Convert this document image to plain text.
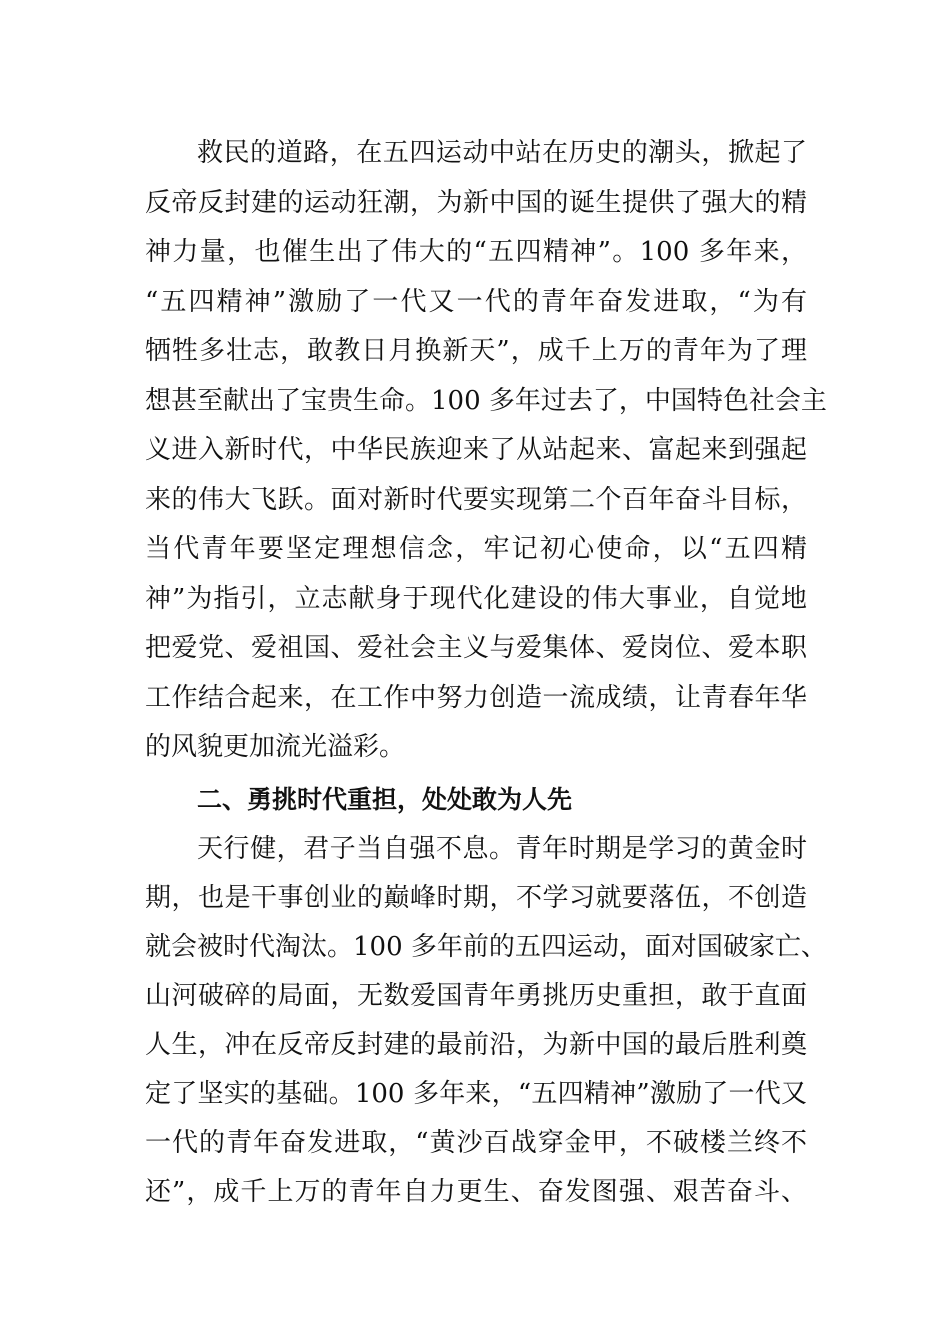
救民的道路，在五四运动中站在历史的潮头，掀起了
反帝反封建的运动狂潮，为新中国的诞生提供了强大的精
神力量，也催生出了伟大的“五四精神”。100 多年来，
“五四精神”激励了一代又一代的青年奋发进取，“为有
牺牲多壮志，敢教日月换新天”，成千上万的青年为了理
想甚至献出了宝贵生命。100 多年过去了，中国特色社会主
义进入新时代，中华民族迎来了从站起来、富起来到强起
来的伟大飞跃。面对新时代要实现第二个百年奋斗目标，
当代青年要坚定理想信念，牢记初心使命，以“五四精
神”为指引，立志献身于现代化建设的伟大事业，自觉地
把爱党、爱祖国、爱社会主义与爱集体、爱岗位、爱本职
工作结合起来，在工作中努力创造一流成绩，让青春年华
的风貌更加流光溢彩。
二、勇挑时代重担，处处敢为人先
天行健，君子当自强不息。青年时期是学习的黄金时
期，也是干事创业的巅峰时期，不学习就要落伍，不创造
就会被时代淘汰。100 多年前的五四运动，面对国破家亡、
山河破碎的局面，无数爱国青年勇挑历史重担，敢于直面
人生，冲在反帝反封建的最前沿，为新中国的最后胜利奠
定了坚实的基础。100 多年来，“五四精神”激励了一代又
一代的青年奋发进取，“黄沙百战穿金甲，不破楼兰终不
还”，成千上万的青年自力更生、奋发图强、艰苦奋斗、
